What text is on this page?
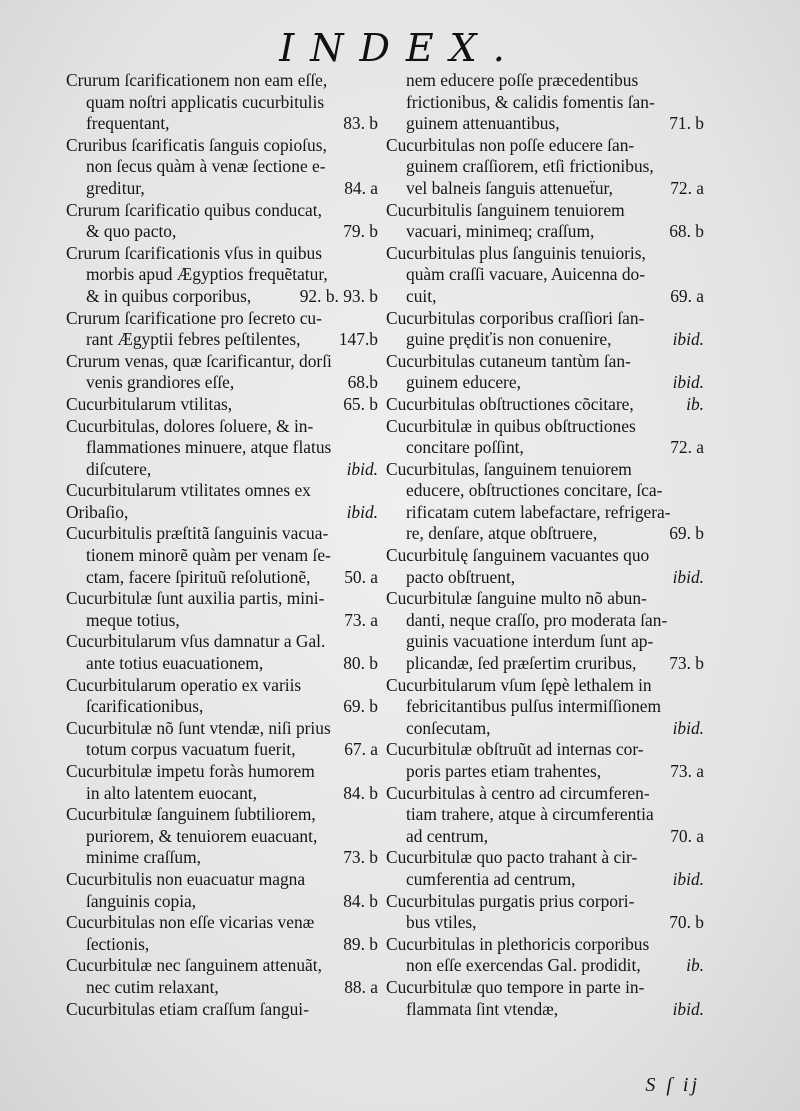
INDEX.
Crurum ſcarificationem non eam eſſe,
quam noſtri applicatis cucurbitulis
frequentant,	83. b
Cruribus ſcarificatis ſanguis copioſus,
non ſecus quàm à venæ ſectione e-
greditur,	84. a
Crurum ſcarificatio quibus conducat,
& quo pacto,	79. b
Crurum ſcarificationis vſus in quibus
morbis apud Ægyptios frequẽtatur,
& in quibus corporibus,	92. b. 93. b
Crurum ſcarificatione pro ſecreto cu-
rant Ægyptii febres peſtilentes, 147.b
Crurum venas, quæ ſcarificantur, dorſi
venis grandiores eſſe,	68.b
Cucurbitularum vtilitas,	65. b
Cucurbitulas, dolores ſoluere, & in-
flammationes minuere, atque flatus
diſcutere,	ibid.
Cucurbitularum vtilitates omnes ex
Oribaſio,	ibid.
Cucurbitulis præſtitã ſanguinis vacua-
tionem minorẽ quàm per venam ſe-
ctam, facere ſpirituũ reſolutionẽ, 50. a
Cucurbitulæ ſunt auxilia partis, mini-
meque totius,	73. a
Cucurbitularum vſus damnatur a Gal.
ante totius euacuationem,	80. b
Cucurbitularum operatio ex variis
ſcarificationibus,	69. b
Cucurbitulæ nõ ſunt vtendæ, niſi prius
totum corpus vacuatum fuerit,	67. a
Cucurbitulæ impetu foràs humorem
in alto latentem euocant,	84. b
Cucurbitulæ ſanguinem ſubtiliorem,
puriorem, & tenuiorem euacuant,
minime craſſum,	73. b
Cucurbitulis non euacuatur magna
ſanguinis copia,	84. b
Cucurbitulas non eſſe vicarias venæ
ſectionis,	89. b
Cucurbitulæ nec ſanguinem attenuãt,
nec cutim relaxant,	88. a
Cucurbitulas etiam craſſum ſangui-
nem educere poſſe præcedentibus
frictionibus, & calidis fomentis ſan-
guinem attenuantibus,	71. b
Cucurbitulas non poſſe educere ſan-
guinem craſſiorem, etſi frictionibus,
vel balneis ſanguis attenueẗur,	72. a
Cucurbitulis ſanguinem tenuiorem
vacuari, minimeq; craſſum,	68. b
Cucurbitulas plus ſanguinis tenuioris,
quàm craſſi vacuare, Auicenna do-
cuit,	69. a
Cucurbitulas corporibus craſſiori ſan-
guine prędiťis non conuenire,	ibid.
Cucurbitulas cutaneum tantùm ſan-
guinem educere,	ibid.
Cucurbitulas obſtructiones cõcitare,	ib.
Cucurbitulæ in quibus obſtructiones
concitare poſſint,	72. a
Cucurbitulas, ſanguinem tenuiorem
educere, obſtructiones concitare, ſca-
rificatam cutem labefactare, refrigera-
re, denſare, atque obſtruere,	69. b
Cucurbitulę ſanguinem vacuantes quo
pacto obſtruent,	ibid.
Cucurbitulæ ſanguine multo nõ abun-
danti, neque craſſo, pro moderata ſan-
guinis vacuatione interdum ſunt ap-
plicandæ, ſed præſertim cruribus, 73. b
Cucurbitularum vſum ſępè lethalem in
febricitantibus pulſus intermiſſionem
conſecutam,	ibid.
Cucurbitulæ obſtruũt ad internas cor-
poris partes etiam trahentes,	73. a
Cucurbitulas à centro ad circumferen-
tiam trahere, atque à circumferentia
ad centrum,	70. a
Cucurbitulæ quo pacto trahant à cir-
cumferentia ad centrum,	ibid.
Cucurbitulas purgatis prius corpori-
bus vtiles,	70. b
Cucurbitulas in plethoricis corporibus
non eſſe exercendas Gal. prodidit,	ib.
Cucurbitulæ quo tempore in parte in-
flammata ſint vtendæ,	ibid.
S ſ ij
